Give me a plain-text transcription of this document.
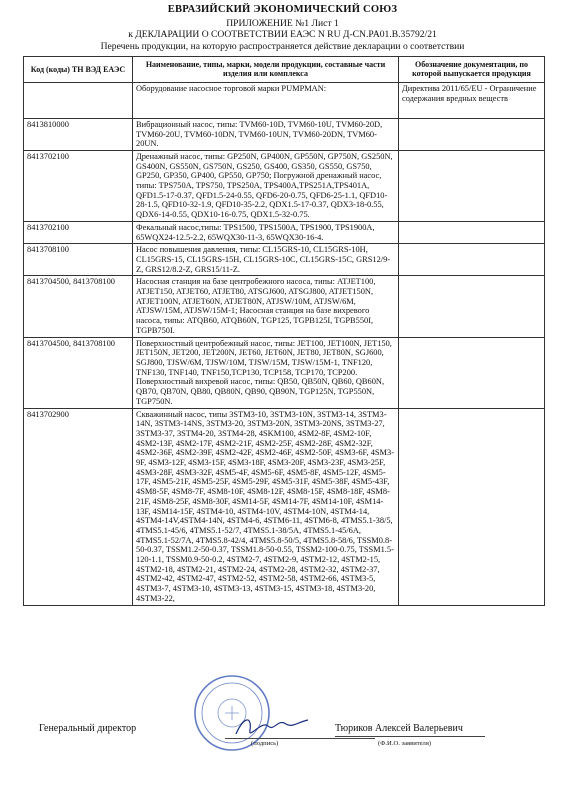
ЕВРАЗИЙСКИЙ ЭКОНОМИЧЕСКИЙ СОЮЗ
ПРИЛОЖЕНИЕ №1 Лист 1
к ДЕКЛАРАЦИИ О СООТВЕТСТВИИ ЕАЭС N RU Д-CN.PA01.B.35792/21
Перечень продукции, на которую распространяется действие декларации о соответствии
Код (коды) ТН ВЭД ЕАЭС	Наименование, типы, марки, модели продукции, составные части изделия или комплекса	Обозначение документации, по которой выпускается продукция
	Оборудование насосное торговой марки PUMPMAN:	Директива 2011/65/EU - Ограничение содержания вредных веществ
8413810000	Вибрационный насос, типы: TVM60-10D, TVM60-10U, TVM60-20D, TVM60-20U, TVM60-10DN, TVM60-10UN, TVM60-20DN, TVM60-20UN.	
8413702100	Дренажный насос, типы: GP250N, GP400N, GP550N, GP750N, GS250N, GS400N, GS550N, GS750N, GS250, GS400, GS350, GS550, GS750, GP250, GP350, GP400, GP550, GP750; Погружной дренажный насос, типы: TPS750A, TPS750, TPS250A, TPS400A,TPS251A,TPS401A, QFD1.5-17-0.37, QFD1.5-24-0.55, QFD6-20-0.75, QFD6-25-1.1, QFD10-28-1.5, QFD10-32-1.9, QFD10-35-2.2, QDX1.5-17-0.37, QDX3-18-0.55, QDX6-14-0.55, QDX10-16-0.75, QDX1.5-32-0.75.	
8413702100	Фекальный насос,типы: TPS1500, TPS1500A, TPS1900, TPS1900A, 65WQX24-12.5-2.2, 65WQX30-11-3, 65WQX30-16-4.	
8413708100	Насос повышения давления, типы: CL15GRS-10, CL15GRS-10H, CL15GRS-15, CL15GRS-15H, CL15GRS-10C, CL15GRS-15C, GRS12/9-Z, GRS12/8.2-Z, GRS15/11-Z.	
8413704500, 8413708100	Насосная станция на базе центробежного насоса, типы: ATJET100, ATJET150, ATJET60, ATJET80, ATSGJ600, ATSGJ800, ATJET150N, ATJET100N, ATJET60N, ATJET80N, ATJSW/10M, ATJSW/6M, ATJSW/15M, ATJSW/15M-1; Насосная станция на базе вихревого насоса, типы: ATQB60, ATQB60N, TGP125, TGPB125I, TGPB550I, TGPB750I.	
8413704500, 8413708100	Поверхностный центробежный насос, типы: JET100, JET100N, JET150, JET150N, JET200, JET200N, JET60, JET60N, JET80, JET80N, SGJ600, SGJ800, TJSW/6M, TJSW/10M, TJSW/15M, TJSW/15M-1, TNF120, TNF130, TNF140, TNF150,TCP130, TCP158, TCP170, TCP200. Поверхностный вихревой насос, типы: QB50, QB50N, QB60, QB60N, QB70, QB70N, QB80, QB80N, QB90, QB90N, TGP125N, TGP550N, TGP750N.	
8413702900	Скважинный насос, типы 3STM3-10, 3STM3-10N, 3STM3-14, 3STM3-14N, 3STM3-14NS, 3STM3-20, 3STM3-20N, 3STM3-20NS, 3STM3-27, 3STM3-37, 3STM4-20, 3STM4-28, 4SKM100, 4SM2-8F, 4SM2-10F, 4SM2-13F, 4SM2-17F, 4SM2-21F, 4SM2-25F, 4SM2-28F, 4SM2-32F, 4SM2-36F, 4SM2-39F, 4SM2-42F, 4SM2-46F, 4SM2-50F, 4SM3-6F, 4SM3-9F, 4SM3-12F, 4SM3-15F, 4SM3-18F, 4SM3-20F, 4SM3-23F, 4SM3-25F, 4SM3-28F, 4SM3-32F, 4SM5-4F, 4SM5-6F, 4SM5-8F, 4SM5-12F, 4SM5-17F, 4SM5-21F, 4SM5-25F, 4SM5-29F, 4SM5-31F, 4SM5-38F, 4SM5-43F, 4SM8-5F, 4SM8-7F, 4SM8-10F, 4SM8-12F, 4SM8-15F, 4SM8-18F, 4SM8-21F, 4SM8-25F, 4SM8-30F, 4SM14-5F, 4SM14-7F, 4SM14-10F, 4SM14-13F, 4SM14-15F, 4STM4-10, 4STM4-10V, 4STM4-10N, 4STM4-14, 4STM4-14V,4STM4-14N, 4STM4-6, 4STM6-11, 4STM6-8, 4TMS5.1-38/5, 4TMS5.1-45/6, 4TMS5.1-52/7, 4TMS5.1-38/5A, 4TMS5.1-45/6A, 4TMS5.1-52/7A, 4TMS5.8-42/4, 4TMS5.8-50/5, 4TMS5.8-58/6, TSSM0.8-50-0.37, TSSM1.2-50-0.37, TSSM1.8-50-0.55, TSSM2-100-0.75, TSSM1.5-120-1.1, TSSM0.9-50-0.2, 4STM2-7, 4STM2-9, 4STM2-12, 4STM2-15, 4STM2-18, 4STM2-21, 4STM2-24, 4STM2-28, 4STM2-32, 4STM2-37, 4STM2-42, 4STM2-47, 4STM2-52, 4STM2-58, 4STM2-66, 4STM3-5, 4STM3-7, 4STM3-10, 4STM3-13, 4STM3-15, 4STM3-18, 4STM3-20, 4STM3-22,	
Генеральный директор
(подпись)
Тюриков Алексей Валерьевич
(Ф.И.О. заявителя)
